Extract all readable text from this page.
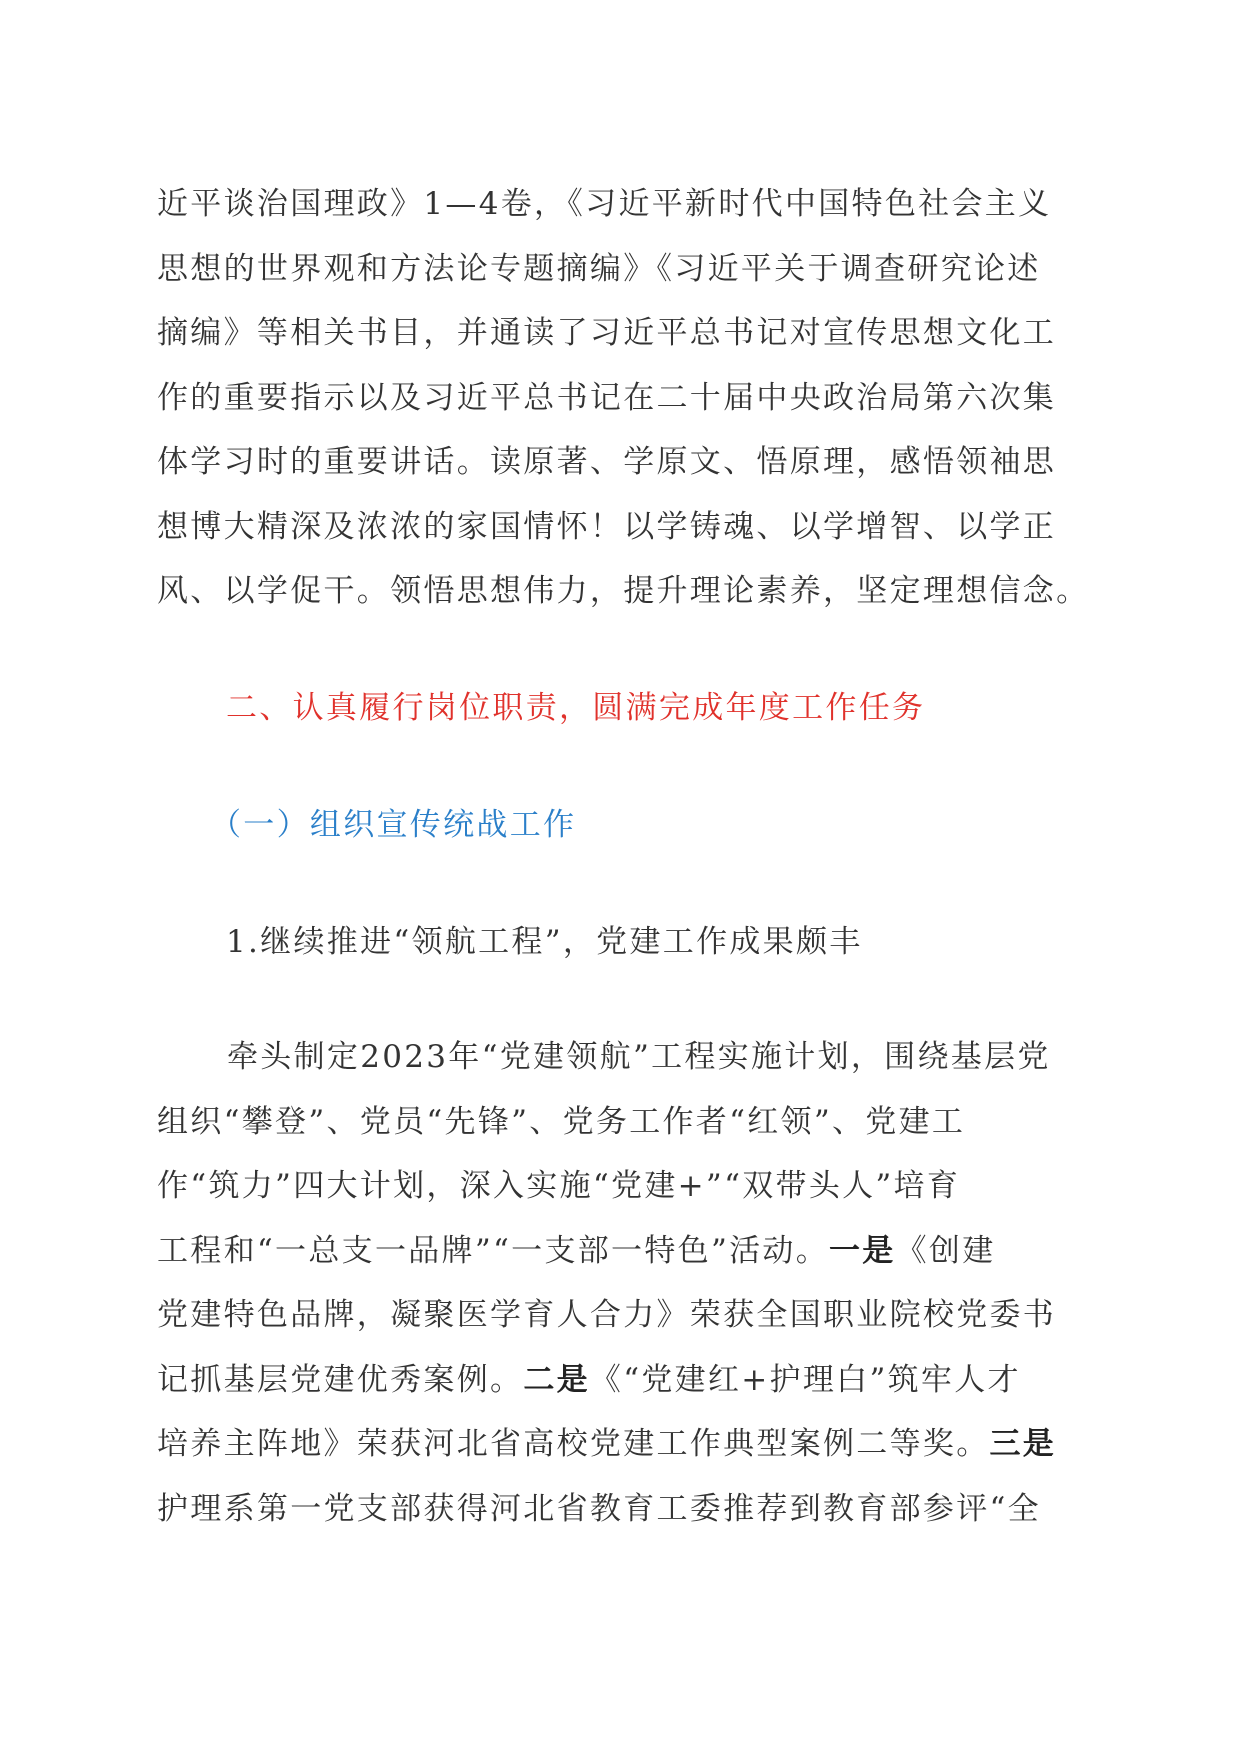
近平谈治国理政》1—4卷，《习近平新时代中国特色社会主义
思想的世界观和方法论专题摘编》《习近平关于调查研究论述
摘编》等相关书目，并通读了习近平总书记对宣传思想文化工
作的重要指示以及习近平总书记在二十届中央政治局第六次集
体学习时的重要讲话。读原著、学原文、悟原理，感悟领袖思
想博大精深及浓浓的家国情怀！以学铸魂、以学增智、以学正
风、以学促干。领悟思想伟力，提升理论素养，坚定理想信念。

二、认真履行岗位职责，圆满完成年度工作任务

（一）组织宣传统战工作

1.继续推进“领航工程”，党建工作成果颇丰

牵头制定2023年“党建领航”工程实施计划，围绕基层党
组织“攀登”、党员“先锋”、党务工作者“红领”、党建工
作“筑力”四大计划，深入实施“党建+”“双带头人”培育
工程和“一总支一品牌”“一支部一特色”活动。一是《创建
党建特色品牌，凝聚医学育人合力》荣获全国职业院校党委书
记抓基层党建优秀案例。二是《“党建红+护理白”筑牢人才
培养主阵地》荣获河北省高校党建工作典型案例二等奖。三是
护理系第一党支部获得河北省教育工委推荐到教育部参评“全
